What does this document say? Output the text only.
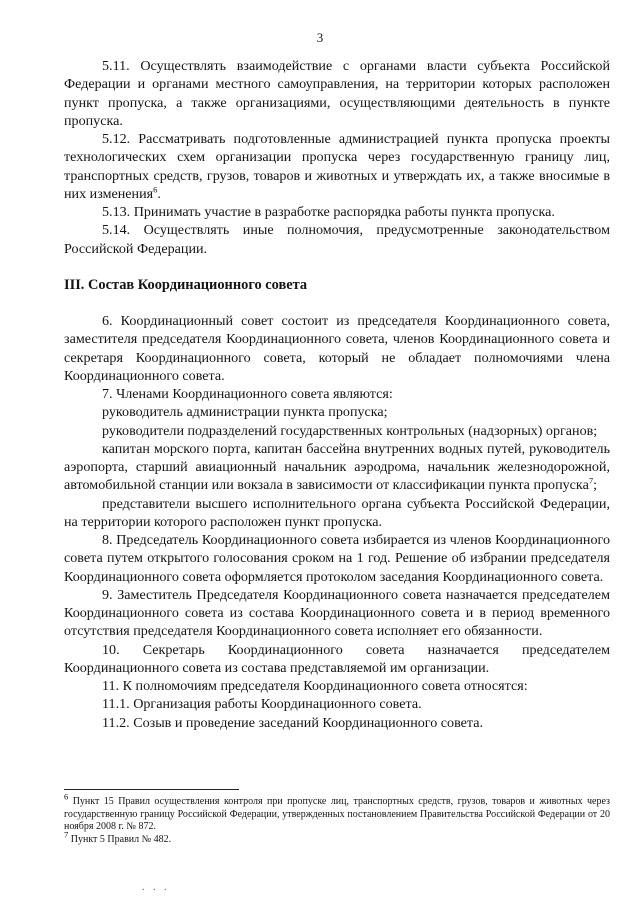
3

5.11. Осуществлять взаимодействие с органами власти субъекта Российской Федерации и органами местного самоуправления, на территории которых расположен пункт пропуска, а также организациями, осуществляющими деятельность в пункте пропуска.

5.12. Рассматривать подготовленные администрацией пункта пропуска проекты технологических схем организации пропуска через государственную границу лиц, транспортных средств, грузов, товаров и животных и утверждать их, а также вносимые в них изменения$^6$.

5.13. Принимать участие в разработке распорядка работы пункта пропуска.

5.14. Осуществлять иные полномочия, предусмотренные законодательством Российской Федерации.

III. Состав Координационного совета

6. Координационный совет состоит из председателя Координационного совета, заместителя председателя Координационного совета, членов Координационного совета и секретаря Координационного совета, который не обладает полномочиями члена Координационного совета.

7. Членами Координационного совета являются:

руководитель администрации пункта пропуска;

руководители подразделений государственных контрольных (надзорных) органов;

капитан морского порта, капитан бассейна внутренних водных путей, руководитель аэропорта, старший авиационный начальник аэродрома, начальник железнодорожной, автомобильной станции или вокзала в зависимости от классификации пункта пропуска$^7$;

представители высшего исполнительного органа субъекта Российской Федерации, на территории которого расположен пункт пропуска.

8. Председатель Координационного совета избирается из членов Координационного совета путем открытого голосования сроком на 1 год. Решение об избрании председателя Координационного совета оформляется протоколом заседания Координационного совета.

9. Заместитель Председателя Координационного совета назначается председателем Координационного совета из состава Координационного совета и в период временного отсутствия председателя Координационного совета исполняет его обязанности.

10. Секретарь Координационного совета назначается председателем Координационного совета из состава представляемой им организации.

11. К полномочиям председателя Координационного совета относятся:

11.1. Организация работы Координационного совета.

11.2. Созыв и проведение заседаний Координационного совета.

$^6$ Пункт 15 Правил осуществления контроля при пропуске лиц, транспортных средств, грузов, товаров и животных через государственную границу Российской Федерации, утвержденных постановлением Правительства Российской Федерации от 20 ноября 2008 г. № 872.

$^7$ Пункт 5 Правил № 482.

. . .
